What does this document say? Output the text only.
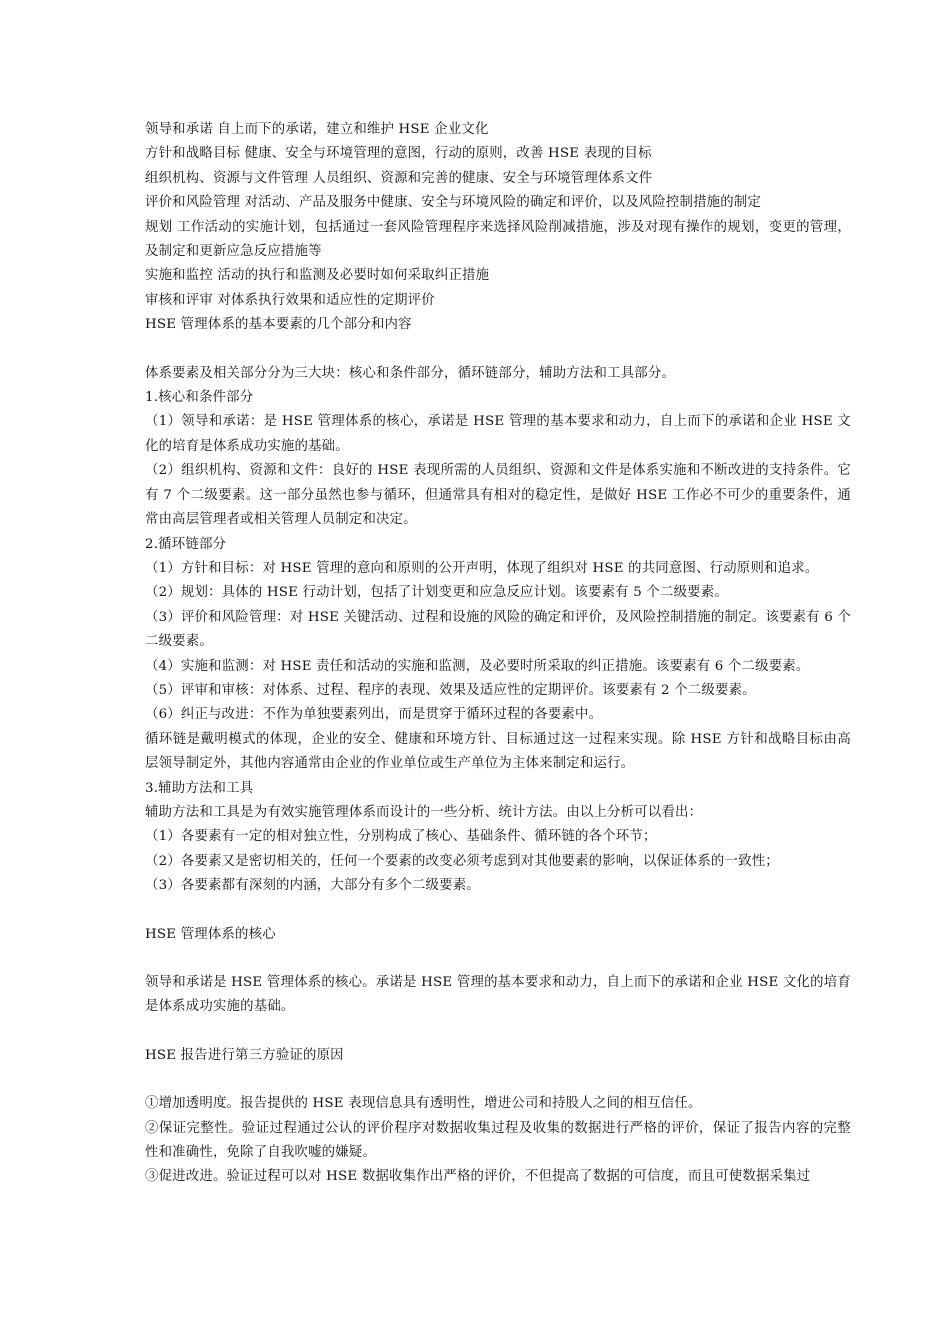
领导和承诺 自上而下的承诺，建立和维护 HSE 企业文化
方针和战略目标 健康、安全与环境管理的意图，行动的原则，改善 HSE 表现的目标
组织机构、资源与文件管理 人员组织、资源和完善的健康、安全与环境管理体系文件
评价和风险管理 对活动、产品及服务中健康、安全与环境风险的确定和评价，以及风险控制措施的制定
规划 工作活动的实施计划，包括通过一套风险管理程序来选择风险削减措施，涉及对现有操作的规划，变更的管理，及制定和更新应急反应措施等
实施和监控 活动的执行和监测及必要时如何采取纠正措施
审核和评审 对体系执行效果和适应性的定期评价
HSE 管理体系的基本要素的几个部分和内容
体系要素及相关部分分为三大块：核心和条件部分，循环链部分，辅助方法和工具部分。
1.核心和条件部分
（1）领导和承诺：是 HSE 管理体系的核心，承诺是 HSE 管理的基本要求和动力，自上而下的承诺和企业 HSE 文化的培育是体系成功实施的基础。
（2）组织机构、资源和文件：良好的 HSE 表现所需的人员组织、资源和文件是体系实施和不断改进的支持条件。它有 7 个二级要素。这一部分虽然也参与循环，但通常具有相对的稳定性，是做好 HSE 工作必不可少的重要条件，通常由高层管理者或相关管理人员制定和决定。
2.循环链部分
（1）方针和目标：对 HSE 管理的意向和原则的公开声明，体现了组织对 HSE 的共同意图、行动原则和追求。
（2）规划：具体的 HSE 行动计划，包括了计划变更和应急反应计划。该要素有 5 个二级要素。
（3）评价和风险管理：对 HSE 关键活动、过程和设施的风险的确定和评价，及风险控制措施的制定。该要素有 6 个二级要素。
（4）实施和监测：对 HSE 责任和活动的实施和监测，及必要时所采取的纠正措施。该要素有 6 个二级要素。
（5）评审和审核：对体系、过程、程序的表现、效果及适应性的定期评价。该要素有 2 个二级要素。
（6）纠正与改进：不作为单独要素列出，而是贯穿于循环过程的各要素中。
循环链是戴明模式的体现，企业的安全、健康和环境方针、目标通过这一过程来实现。除 HSE 方针和战略目标由高层领导制定外，其他内容通常由企业的作业单位或生产单位为主体来制定和运行。
3.辅助方法和工具
辅助方法和工具是为有效实施管理体系而设计的一些分析、统计方法。由以上分析可以看出：
（1）各要素有一定的相对独立性，分别构成了核心、基础条件、循环链的各个环节；
（2）各要素又是密切相关的，任何一个要素的改变必须考虑到对其他要素的影响，以保证体系的一致性；
（3）各要素都有深刻的内涵，大部分有多个二级要素。
HSE 管理体系的核心
领导和承诺是 HSE 管理体系的核心。承诺是 HSE 管理的基本要求和动力，自上而下的承诺和企业 HSE 文化的培育是体系成功实施的基础。
HSE 报告进行第三方验证的原因
①增加透明度。报告提供的 HSE 表现信息具有透明性，增进公司和持股人之间的相互信任。
②保证完整性。验证过程通过公认的评价程序对数据收集过程及收集的数据进行严格的评价，保证了报告内容的完整性和准确性，免除了自我吹嘘的嫌疑。
③促进改进。验证过程可以对 HSE 数据收集作出严格的评价，不但提高了数据的可信度，而且可使数据采集过
